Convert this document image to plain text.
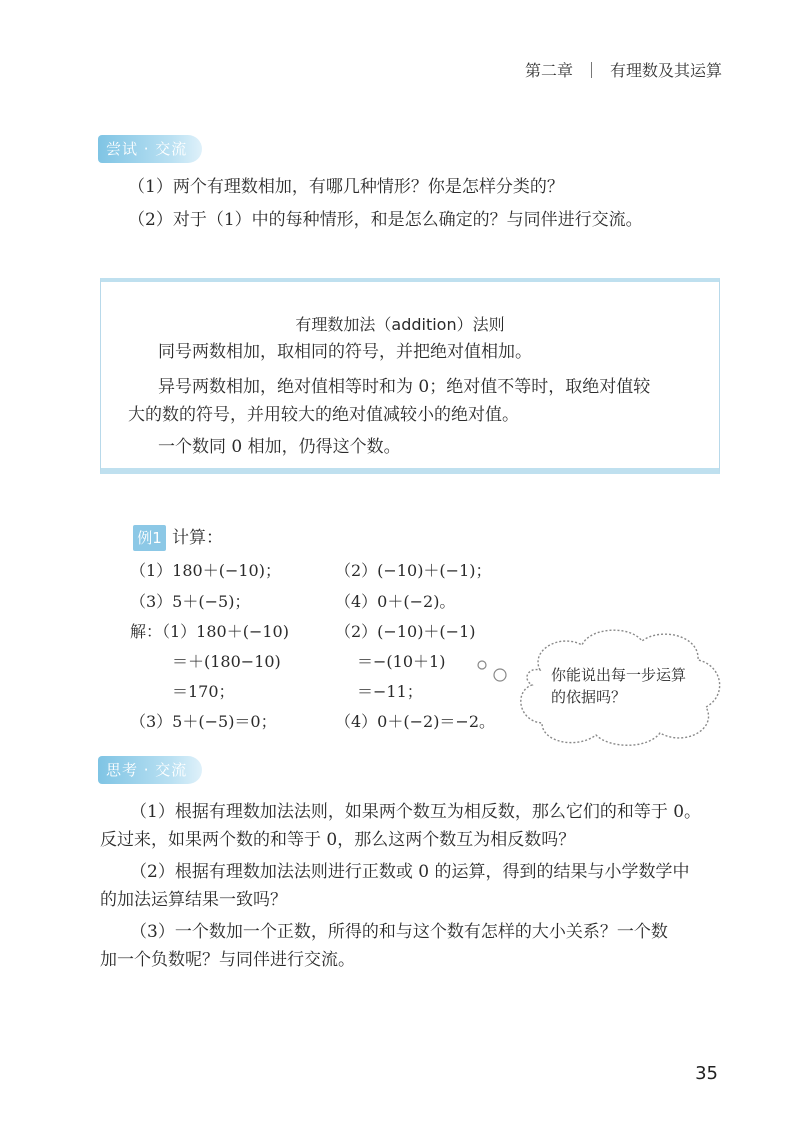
第二章 有理数及其运算
尝试 · 交流
（1）两个有理数相加，有哪几种情形？你是怎样分类的？
（2）对于（1）中的每种情形，和是怎么确定的？与同伴进行交流。
有理数加法（addition）法则
同号两数相加，取相同的符号，并把绝对值相加。
异号两数相加，绝对值相等时和为 0；绝对值不等时，取绝对值较
大的数的符号，并用较大的绝对值减较小的绝对值。
一个数同 0 相加，仍得这个数。
例1 计算：
（1）180＋(−10)；	（2）(−10)＋(−1)；
（3）5＋(−5)；	（4）0＋(−2)。
解：（1）180＋(−10)	（2）(−10)＋(−1)
＝＋(180−10)	＝−(10＋1)
＝170；	＝−11；
（3）5＋(−5)＝0；	（4）0＋(−2)＝−2。
你能说出每一步运算的依据吗？
思考 · 交流
（1）根据有理数加法法则，如果两个数互为相反数，那么它们的和等于 0。
反过来，如果两个数的和等于 0，那么这两个数互为相反数吗？
（2）根据有理数加法法则进行正数或 0 的运算，得到的结果与小学数学中
的加法运算结果一致吗？
（3）一个数加一个正数，所得的和与这个数有怎样的大小关系？一个数
加一个负数呢？与同伴进行交流。
35
